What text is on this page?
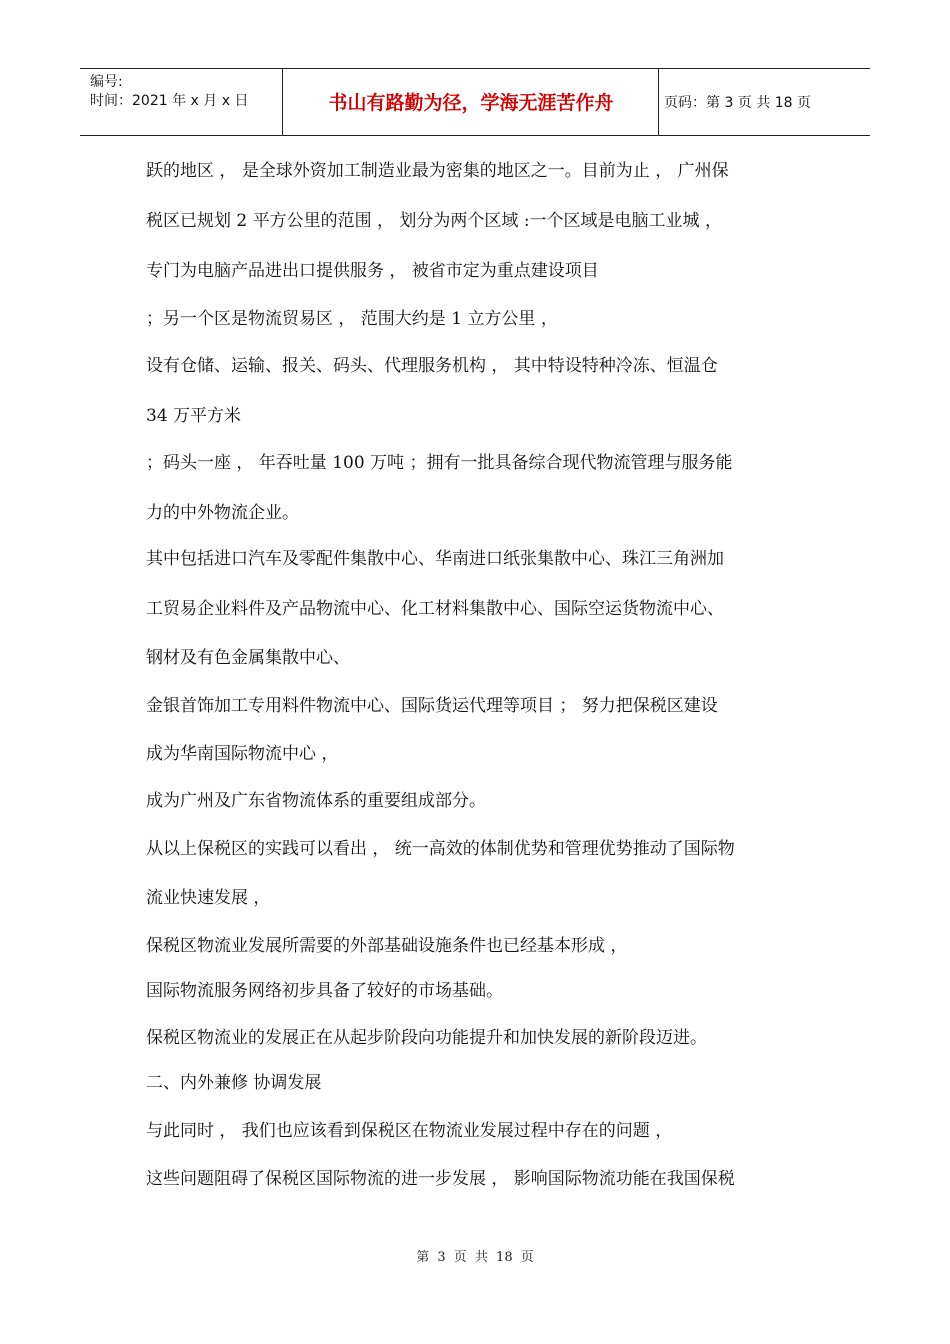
编号:
时间：2021 年 x 月 x 日	书山有路勤为径，学海无涯苦作舟	页码：第 3 页 共 18 页
跃的地区 ， 是全球外资加工制造业最为密集的地区之一。目前为止 ， 广州保
税区已规划 2 平方公里的范围 ， 划分为两个区域 :一个区域是电脑工业城 ，
专门为电脑产品进出口提供服务 ， 被省市定为重点建设项目
；另一个区是物流贸易区 ， 范围大约是 1 立方公里 ，
设有仓储、运输、报关、码头、代理服务机构 ， 其中特设特种冷冻、恒温仓
34 万平方米
；码头一座 ， 年吞吐量 100 万吨 ；拥有一批具备综合现代物流管理与服务能
力的中外物流企业。
其中包括进口汽车及零配件集散中心、华南进口纸张集散中心、珠江三角洲加
工贸易企业料件及产品物流中心、化工材料集散中心、国际空运货物流中心、
钢材及有色金属集散中心、
金银首饰加工专用料件物流中心、国际货运代理等项目 ； 努力把保税区建设
成为华南国际物流中心 ，
成为广州及广东省物流体系的重要组成部分。
从以上保税区的实践可以看出 ， 统一高效的体制优势和管理优势推动了国际物
流业快速发展 ，
保税区物流业发展所需要的外部基础设施条件也已经基本形成 ，
国际物流服务网络初步具备了较好的市场基础。
保税区物流业的发展正在从起步阶段向功能提升和加快发展的新阶段迈进。
二、内外兼修 协调发展
与此同时 ， 我们也应该看到保税区在物流业发展过程中存在的问题 ，
这些问题阻碍了保税区国际物流的进一步发展 ， 影响国际物流功能在我国保税
第 3 页 共 18 页
